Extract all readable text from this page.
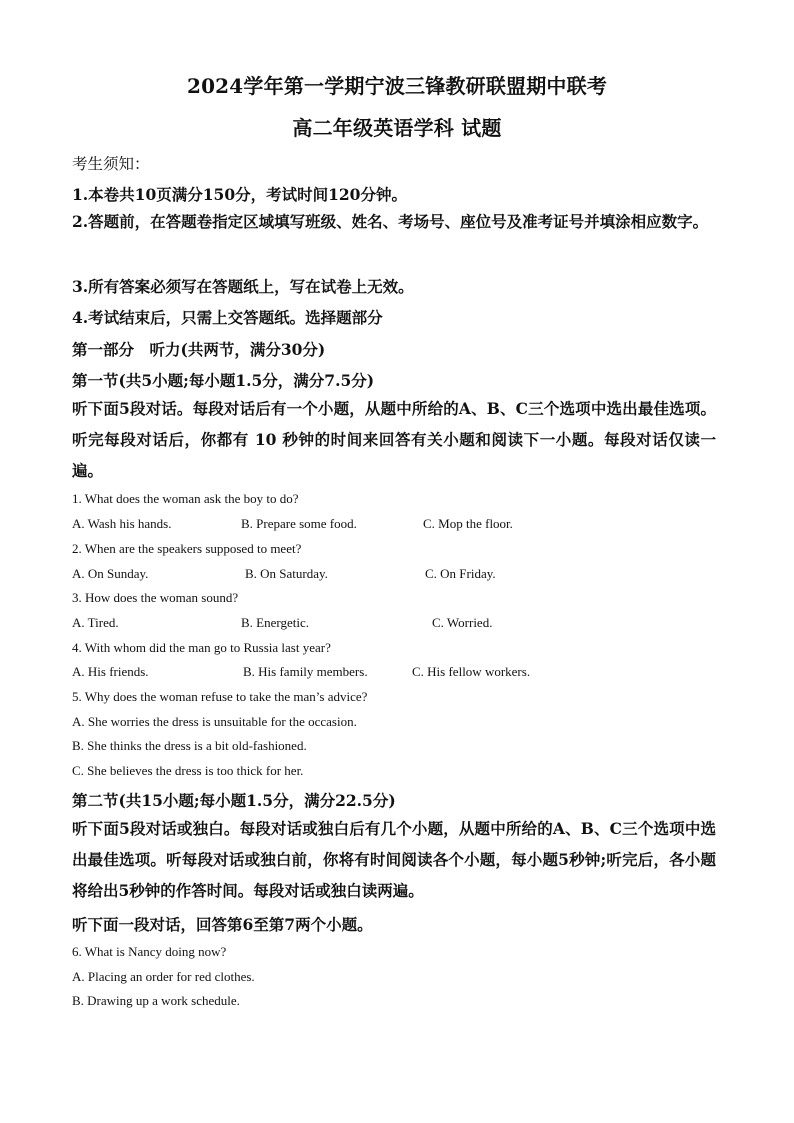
2024学年第一学期宁波三锋教研联盟期中联考
高二年级英语学科 试题

考生须知：

1.本卷共10页满分150分，考试时间120分钟。

2.答题前，在答题卷指定区域填写班级、姓名、考场号、座位号及准考证号并填涂相应数字。

3.所有答案必须写在答题纸上，写在试卷上无效。

4.考试结束后，只需上交答题纸。选择题部分

第一部分　听力(共两节，满分30分)

第一节(共5小题;每小题1.5分，满分7.5分)

听下面5段对话。每段对话后有一个小题，从题中所给的A、B、C三个选项中选出最佳选项。听完每段对话后，你都有 10 秒钟的时间来回答有关小题和阅读下一小题。每段对话仅读一遍。

1. What does the woman ask the boy to do?

A. Wash his hands.	B. Prepare some food.	C. Mop the floor.

2. When are the speakers supposed to meet?

A. On Sunday.	B. On Saturday.	C. On Friday.

3. How does the woman sound?

A. Tired.	B. Energetic.	C. Worried.

4. With whom did the man go to Russia last year?

A. His friends.	B. His family members.	C. His fellow workers.

5. Why does the woman refuse to take the man’s advice?

A. She worries the dress is unsuitable for the occasion.

B. She thinks the dress is a bit old-fashioned.

C. She believes the dress is too thick for her.

第二节(共15小题;每小题1.5分，满分22.5分)

听下面5段对话或独白。每段对话或独白后有几个小题，从题中所给的A、B、C三个选项中选出最佳选项。听每段对话或独白前，你将有时间阅读各个小题，每小题5秒钟;听完后，各小题将给出5秒钟的作答时间。每段对话或独白读两遍。

听下面一段对话，回答第6至第7两个小题。

6. What is Nancy doing now?

A. Placing an order for red clothes.

B. Drawing up a work schedule.
